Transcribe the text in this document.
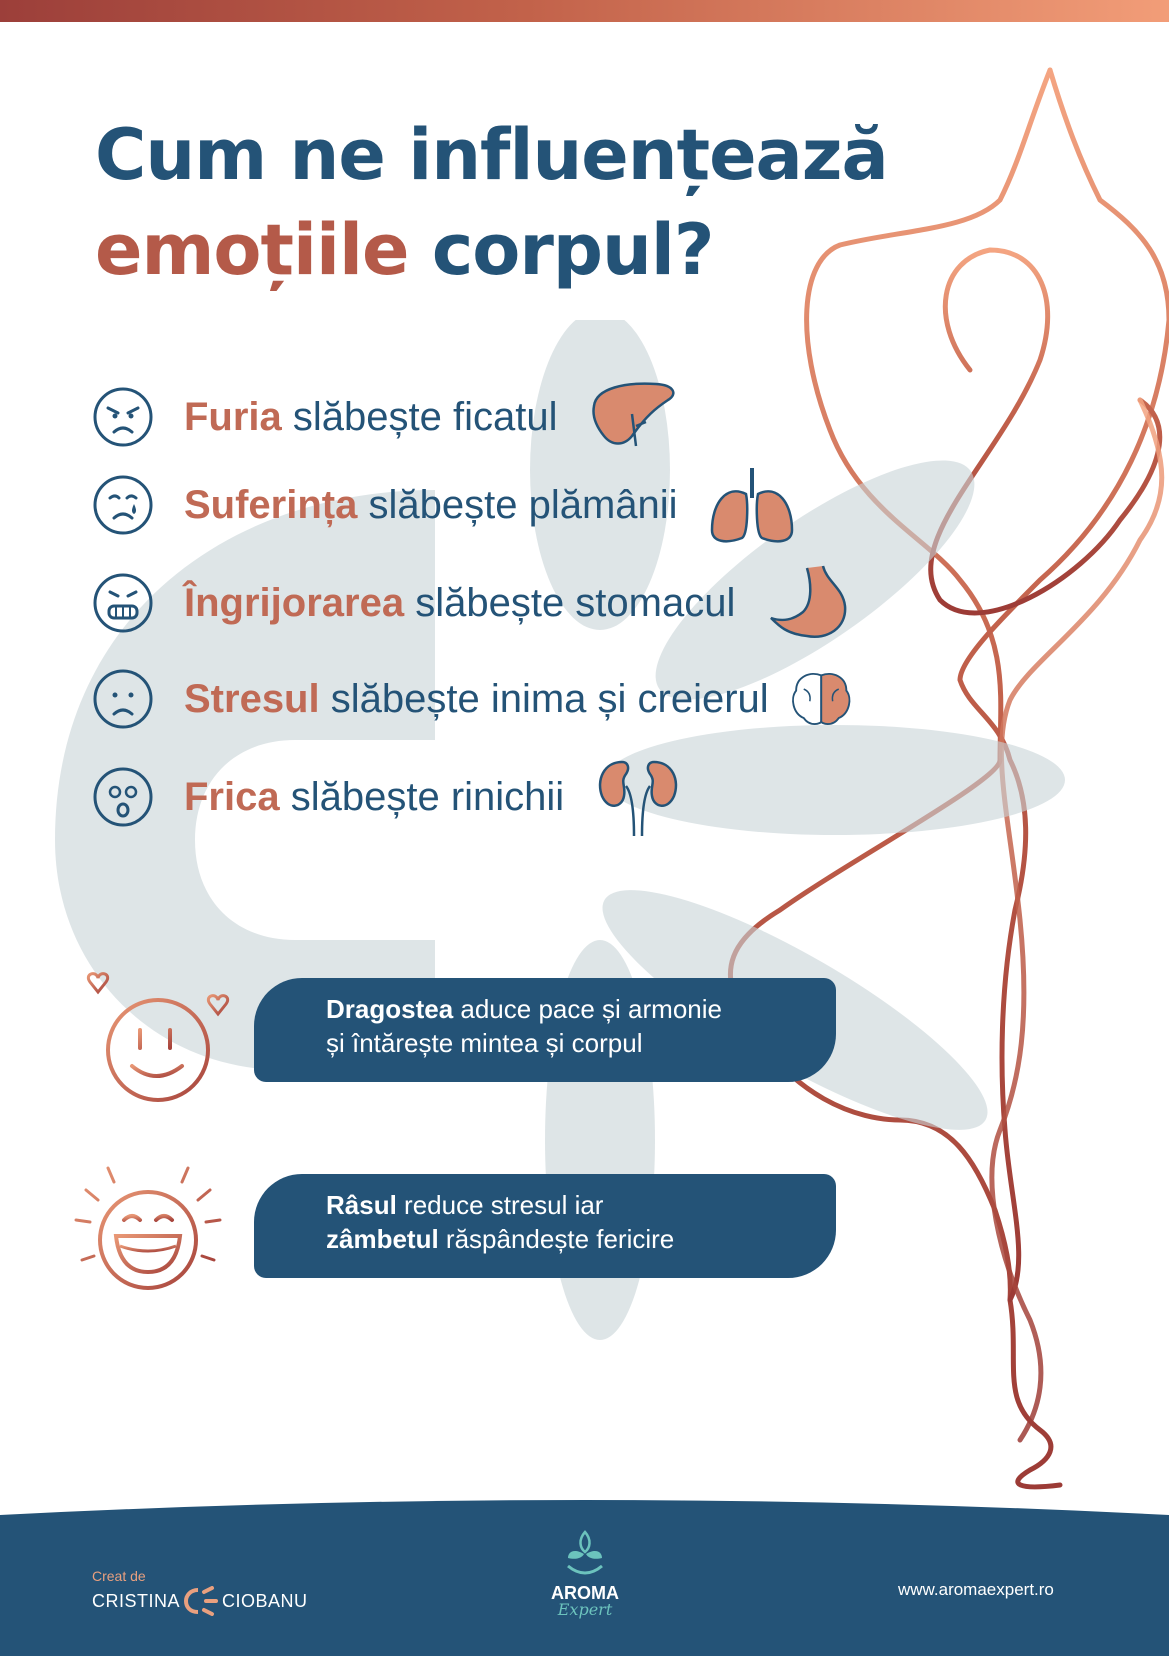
Cum ne influențează
emoțiile corpul?
Furia slăbește ficatul
Suferința slăbește plămânii
Îngrijorarea slăbește stomacul
Stresul slăbește inima și creierul
Frica slăbește rinichii
Dragostea aduce pace și armonie
și întărește mintea și corpul
Râsul reduce stresul iar
zâmbetul răspândește fericire
Creat de
CRISTINA CIOBANU	AROMA
Expert
www.aromaexpert.ro
